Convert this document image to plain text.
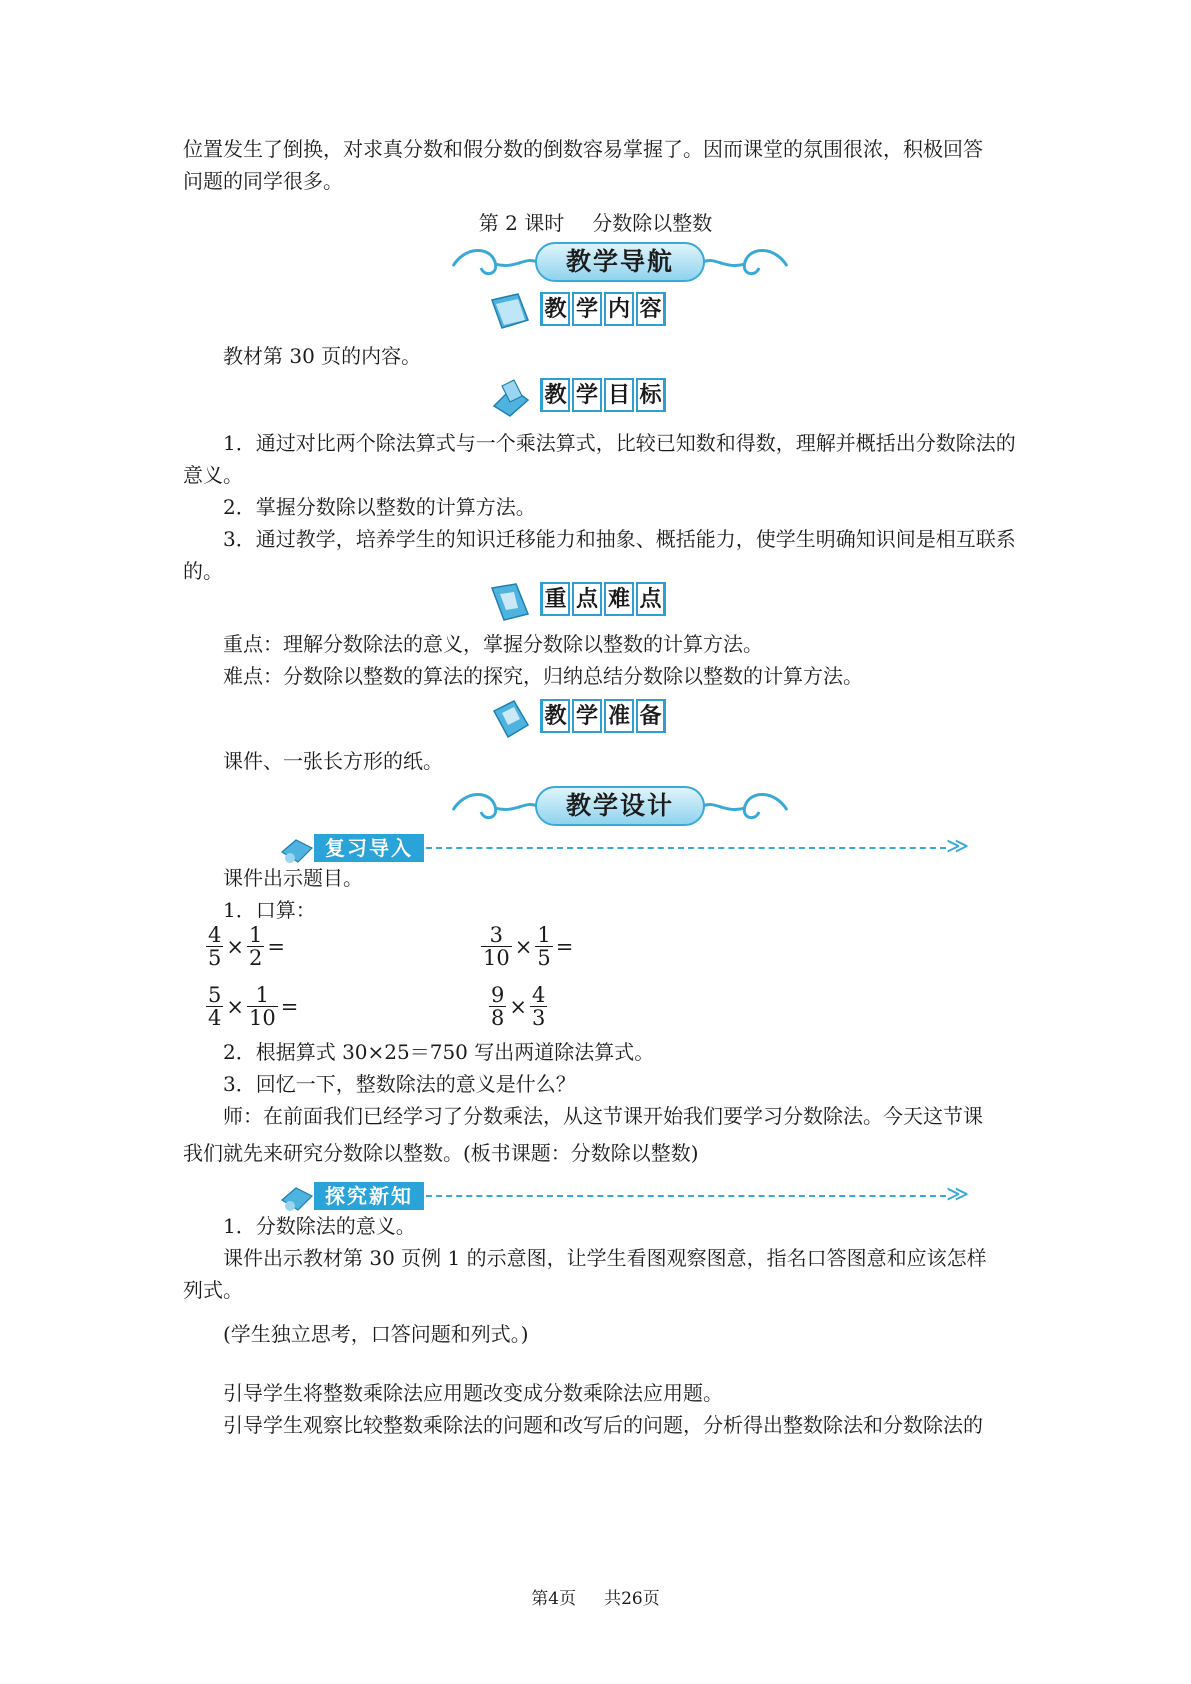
位置发生了倒换，对求真分数和假分数的倒数容易掌握了。因而课堂的氛围很浓，积极回答

问题的同学很多。

第 2 课时 分数除以整数
教学导航
教 学 内 容

教材第 30 页的内容。

教 学 目 标

1．通过对比两个除法算式与一个乘法算式，比较已知数和得数，理解并概括出分数除法的意义。

2．掌握分数除以整数的计算方法。

3．通过教学，培养学生的知识迁移能力和抽象、概括能力，使学生明确知识间是相互联系的。

重 点 难 点

重点：理解分数除法的意义，掌握分数除以整数的计算方法。

难点：分数除以整数的算法的探究，归纳总结分数除以整数的计算方法。

教 学 准 备

课件、一张长方形的纸。

教学设计
复习导入	≫

课件出示题目。

1．口算：

$\frac{4}{5} \times \frac{1}{2}$ =	$\frac{3}{10} \times \frac{1}{5}$ =
$\frac{5}{4} \times \frac{1}{10}$ =	$\frac{9}{8} \times \frac{4}{3}$

2．根据算式 30×25＝750 写出两道除法算式。

3．回忆一下，整数除法的意义是什么？

师：在前面我们已经学习了分数乘法，从这节课开始我们要学习分数除法。今天这节课

我们就先来研究分数除以整数。(板书课题：分数除以整数)

探究新知	≫

1．分数除法的意义。

课件出示教材第 30 页例 1 的示意图，让学生看图观察图意，指名口答图意和应该怎样

列式。

(学生独立思考，口答问题和列式。)

引导学生将整数乘除法应用题改变成分数乘除法应用题。

引导学生观察比较整数乘除法的问题和改写后的问题，分析得出整数除法和分数除法的

第4页 共26页
